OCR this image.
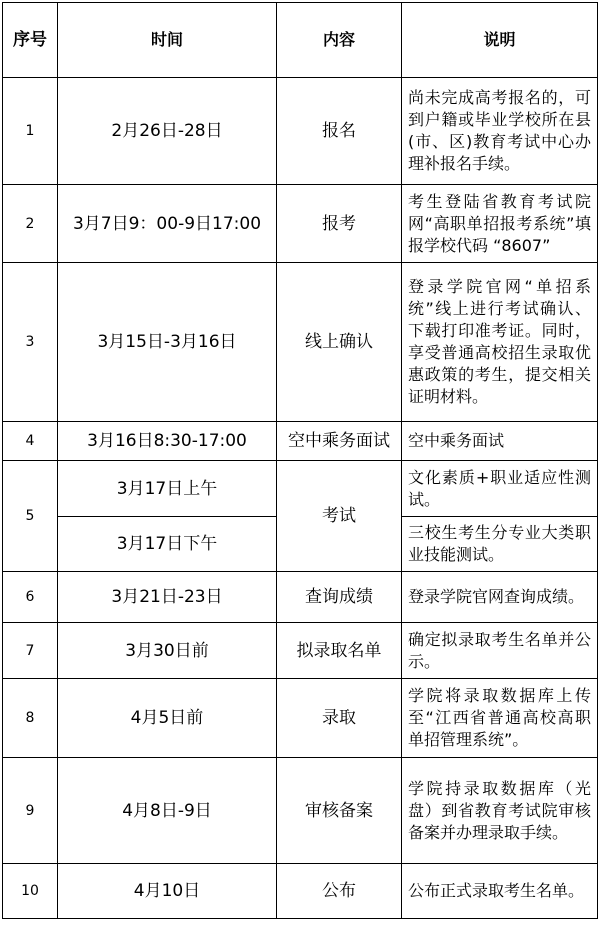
序号	时间	内容	说明
1	2月26日-28日	报名	尚未完成高考报名的，可到户籍或毕业学校所在县(市、区)教育考试中心办理补报名手续。
2	3月7日9：00-9日17:00	报考	考生登陆省教育考试院网“高职单招报考系统”填报学校代码 “8607”
3	3月15日-3月16日	线上确认	登录学院官网“单招系统”线上进行考试确认、下载打印准考证。同时，享受普通高校招生录取优惠政策的考生，提交相关证明材料。
4	3月16日8:30-17:00	空中乘务面试	空中乘务面试
5	3月17日上午	考试	文化素质+职业适应性测试。
	3月17日下午		三校生考生分专业大类职业技能测试。
6	3月21日-23日	查询成绩	登录学院官网查询成绩。
7	3月30日前	拟录取名单	确定拟录取考生名单并公示。
8	4月5日前	录取	学院将录取数据库上传至“江西省普通高校高职单招管理系统”。
9	4月8日-9日	审核备案	学院持录取数据库（光盘）到省教育考试院审核备案并办理录取手续。
10	4月10日	公布	公布正式录取考生名单。
